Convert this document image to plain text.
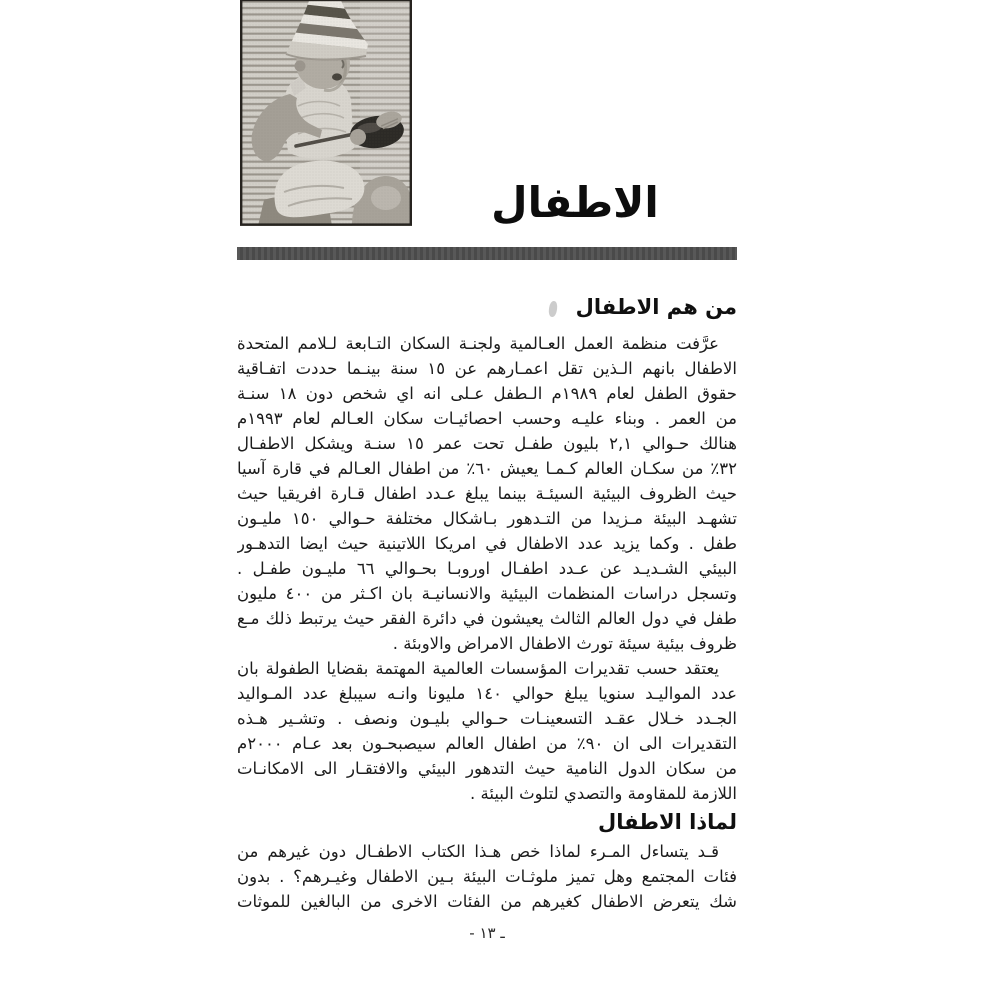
الاطفال
من هم الاطفال
عرَّفت منظمة العمل العـالمية ولجنـة السكان التـابعة لـلامم المتحدة
الاطفال بانهم الـذين تقل اعمـارهم عن ١٥ سنة بينـما حددت اتفـاقية
حقوق الطفل لعام ١٩٨٩م الـطفل عـلى انه اي شخص دون ١٨ سنـة
من العمر . وبناء عليـه وحسب احصائيـات سكان العـالم لعام ١٩٩٣م
هنالك حـوالي ٢,١ بليون طفـل تحت عمر ١٥ سنـة ويشكل الاطفـال
٣٢٪ من سكـان العالم كـمـا يعيش ٦٠٪ من اطفال العـالم في قارة آسيا
حيث الظروف البيئية السيئـة بينما يبلغ عـدد اطفال قـارة افريقيا حيث
تشهـد البيئة مـزيدا من التـدهور بـاشكال مختلفة حـوالي ١٥٠ مليـون
طفل . وكما يزيد عدد الاطفال في امريكا اللاتينية حيث ايضا التدهـور
البيئي الشـديـد عن عـدد اطفـال اوروبـا بحـوالي ٦٦ مليـون طفـل .
وتسجل دراسات المنظمات البيئية والانسانيـة بان اكـثر من ٤٠٠ مليون
طفل في دول العالم الثالث يعيشون في دائرة الفقر حيث يرتبط ذلك مـع
ظروف بيئية سيئة تورث الاطفال الامراض والاوبئة .
يعتقد حسب تقديرات المؤسسات العالمية المهتمة بقضايا الطفولة بان
عدد المواليـد سنويا يبلغ حوالي ١٤٠ مليونا وانـه سيبلغ عدد المـواليد
الجـدد خـلال عقـد التسعينـات حـوالي بليـون ونصف . وتشـير هـذه
التقديرات الى ان ٩٠٪ من اطفال العالم سيصبحـون بعد عـام ٢٠٠٠م
من سكان الدول النامية حيث التدهور البيئي والافتقـار الى الامكانـات
اللازمة للمقاومة والتصدي لتلوث البيئة .
لماذا الاطفال
قـد يتساءل المـرء لماذا خص هـذا الكتاب الاطفـال دون غيرهم من
فئات المجتمع وهل تميز ملوثـات البيئة بـين الاطفال وغيـرهم؟ . بدون
شك يتعرض الاطفال كغيرهم من الفئات الاخرى من البالغين للموثات
ـ ١٣ -
